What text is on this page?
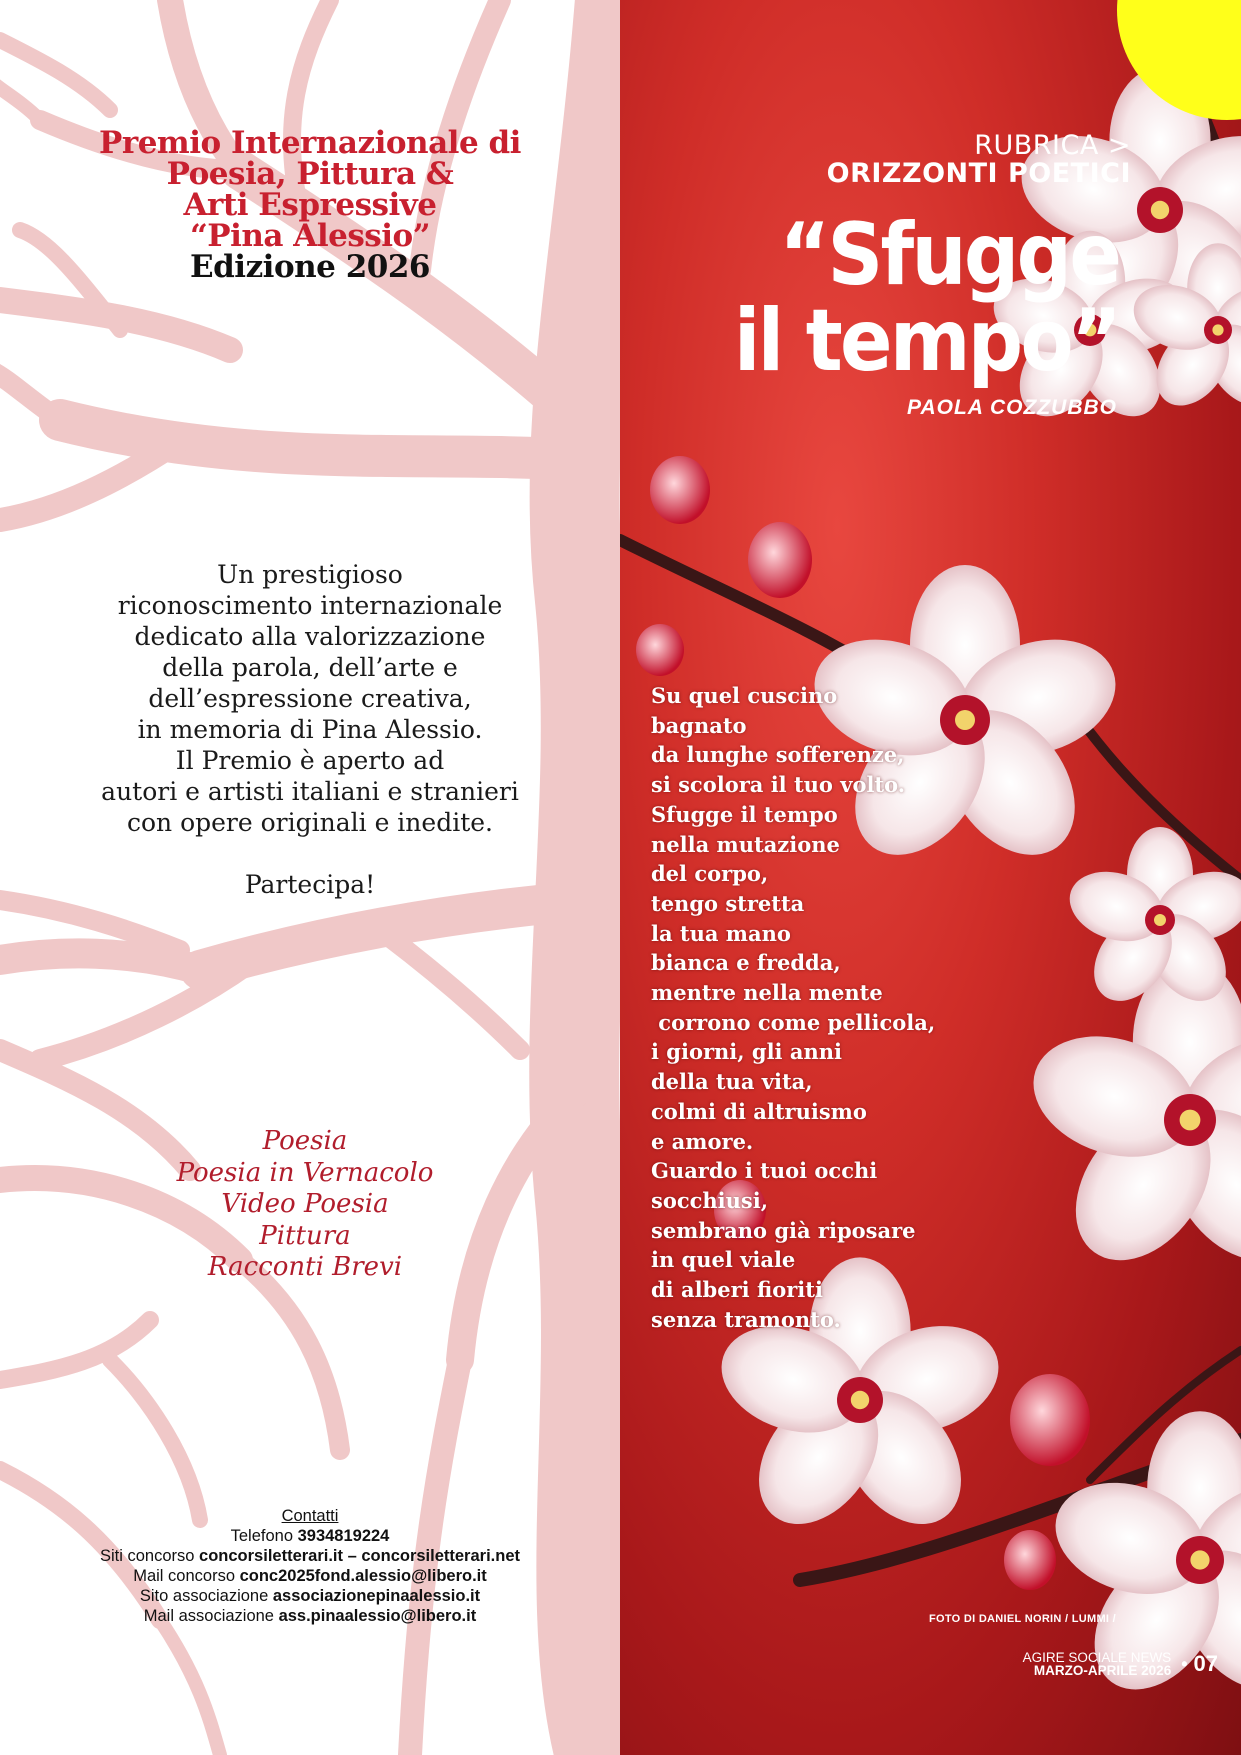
Premio Internazionale di
Poesia, Pittura &
Arti Espressive
“Pina Alessio”
Edizione 2026
Un prestigioso
riconoscimento internazionale
dedicato alla valorizzazione
della parola, dell’arte e
dell’espressione creativa,
in memoria di Pina Alessio.
Il Premio è aperto ad
autori e artisti italiani e stranieri
con opere originali e inedite.
Partecipa!
Poesia
Poesia in Vernacolo
Video Poesia
Pittura
Racconti Brevi
Contatti
Telefono 3934819224
Siti concorso concorsiletterari.it – concorsiletterari.net
Mail concorso conc2025fond.alessio@libero.it
Sito associazione associazionepinaalessio.it
Mail associazione ass.pinaalessio@libero.it
RUBRICA >
ORIZZONTI POETICI
“Sfugge
il tempo”
PAOLA COZZUBBO
Su quel cuscino
bagnato
da lunghe sofferenze,
si scolora il tuo volto.
Sfugge il tempo
nella mutazione
del corpo,
tengo stretta
la tua mano
bianca e fredda,
mentre nella mente
corrono come pellicola,
i giorni, gli anni
della tua vita,
colmi di altruismo
e amore.
Guardo i tuoi occhi
socchiusi,
sembrano già riposare
in quel viale
di alberi fioriti
senza tramonto.
FOTO DI DANIEL NORIN / LUMMI /
AGIRE SOCIALE NEWS
MARZO-APRILE 2026 • 07
